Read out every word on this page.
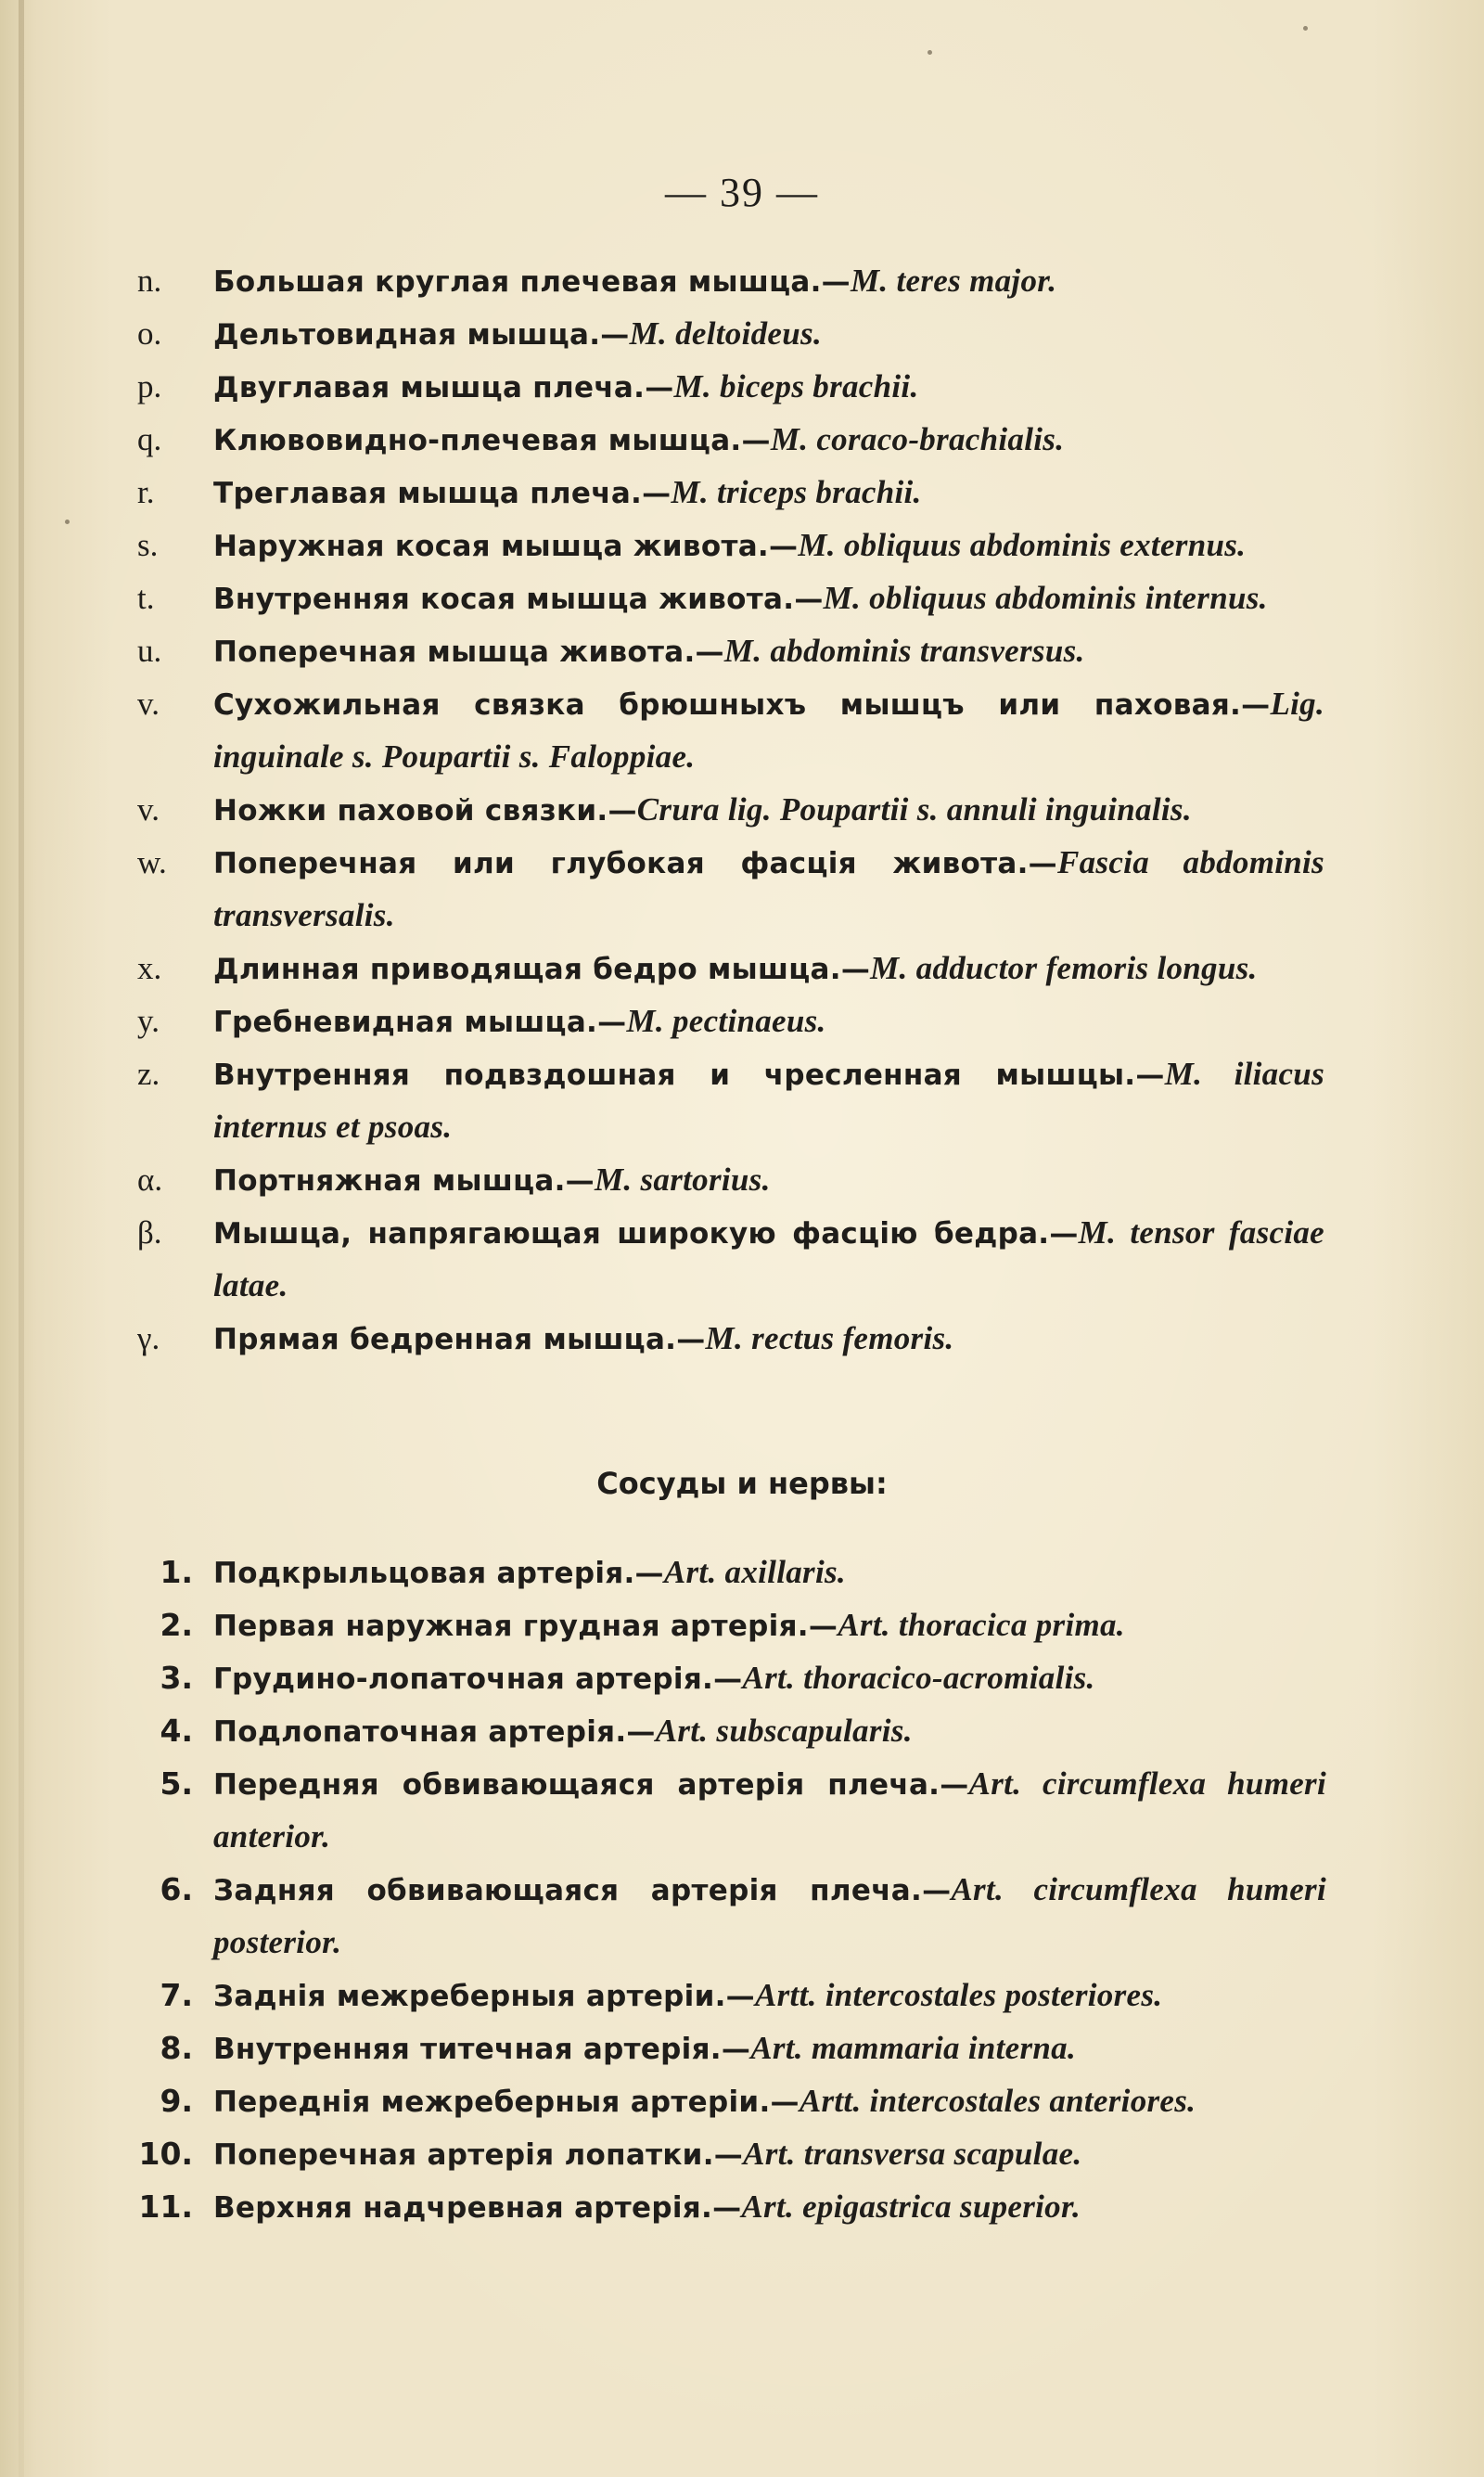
— 39 —
n.	Большая круглая плечевая мышца.—M. teres major.
o.	Дельтовидная мышца.—M. deltoideus.
p.	Двуглавая мышца плеча.—M. biceps brachii.
q.	Клювовидно-плечевая мышца.—M. coraco-brachialis.
r.	Треглавая мышца плеча.—M. triceps brachii.
s.	Наружная косая мышца живота.—M. obliquus abdominis externus.
t.	Внутренняя косая мышца живота.—M. obliquus abdominis internus.
u.	Поперечная мышца живота.—M. abdominis transversus.
v.	Сухожильная связка брюшныхъ мышцъ или паховая.—Lig. inguinale s. Poupartii s. Faloppiae.
v.	Ножки паховой связки.—Crura lig. Poupartii s. annuli inguinalis.
w.	Поперечная или глубокая фасція живота.—Fascia abdominis transversalis.
x.	Длинная приводящая бедро мышца.—M. adductor femoris longus.
y.	Гребневидная мышца.—M. pectinaeus.
z.	Внутренняя подвздошная и чресленная мышцы.—M. iliacus internus et psoas.
α.	Портняжная мышца.—M. sartorius.
β.	Мышца, напрягающая широкую фасцію бедра.—M. tensor fasciae latae.
γ.	Прямая бедренная мышца.—M. rectus femoris.
Сосуды и нервы:
1. Подкрыльцовая артерія.—Art. axillaris.
2. Первая наружная грудная артерія.—Art. thoracica prima.
3. Грудино-лопаточная артерія.—Art. thoracico-acromialis.
4. Подлопаточная артерія.—Art. subscapularis.
5. Передняя обвивающаяся артерія плеча.—Art. circumflexa humeri anterior.
6. Задняя обвивающаяся артерія плеча.—Art. circumflexa humeri posterior.
7. Заднія межреберныя артеріи.—Artt. intercostales posteriores.
8. Внутренняя титечная артерія.—Art. mammaria interna.
9. Переднія межреберныя артеріи.—Artt. intercostales anteriores.
10. Поперечная артерія лопатки.—Art. transversa scapulae.
11. Верхняя надчревная артерія.—Art. epigastrica superior.
